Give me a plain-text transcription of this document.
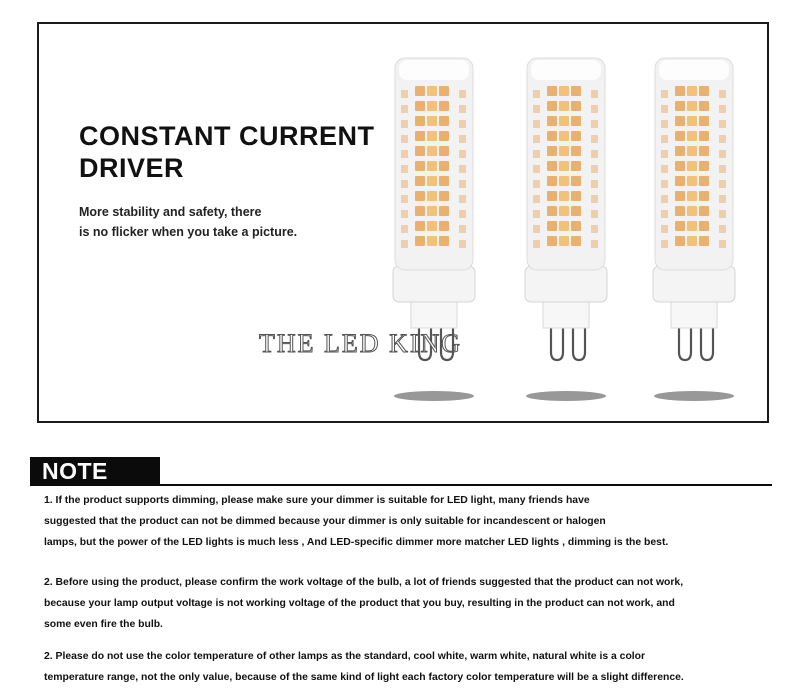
CONSTANT CURRENT
DRIVER
More stability and safety, there
is no flicker when you take a picture.
THE LED KING
NOTE
1. If the product supports dimming, please make sure your dimmer is suitable for LED light, many friends have
suggested that the product can not be dimmed because your dimmer is only suitable for incandescent or halogen
lamps, but the power of the LED lights is much less , And LED-specific dimmer more matcher LED lights , dimming is the best.
2. Before using the product, please confirm the work voltage of the bulb, a lot of friends suggested that the product can not work,
because your lamp output voltage is not working voltage of the product that you buy, resulting in the product can not work, and
some even fire the bulb.
2. Please do not use the color temperature of other lamps as the standard, cool white, warm white, natural white is a color
temperature range, not the only value, because of the same kind of light each factory color temperature will be a slight difference.
